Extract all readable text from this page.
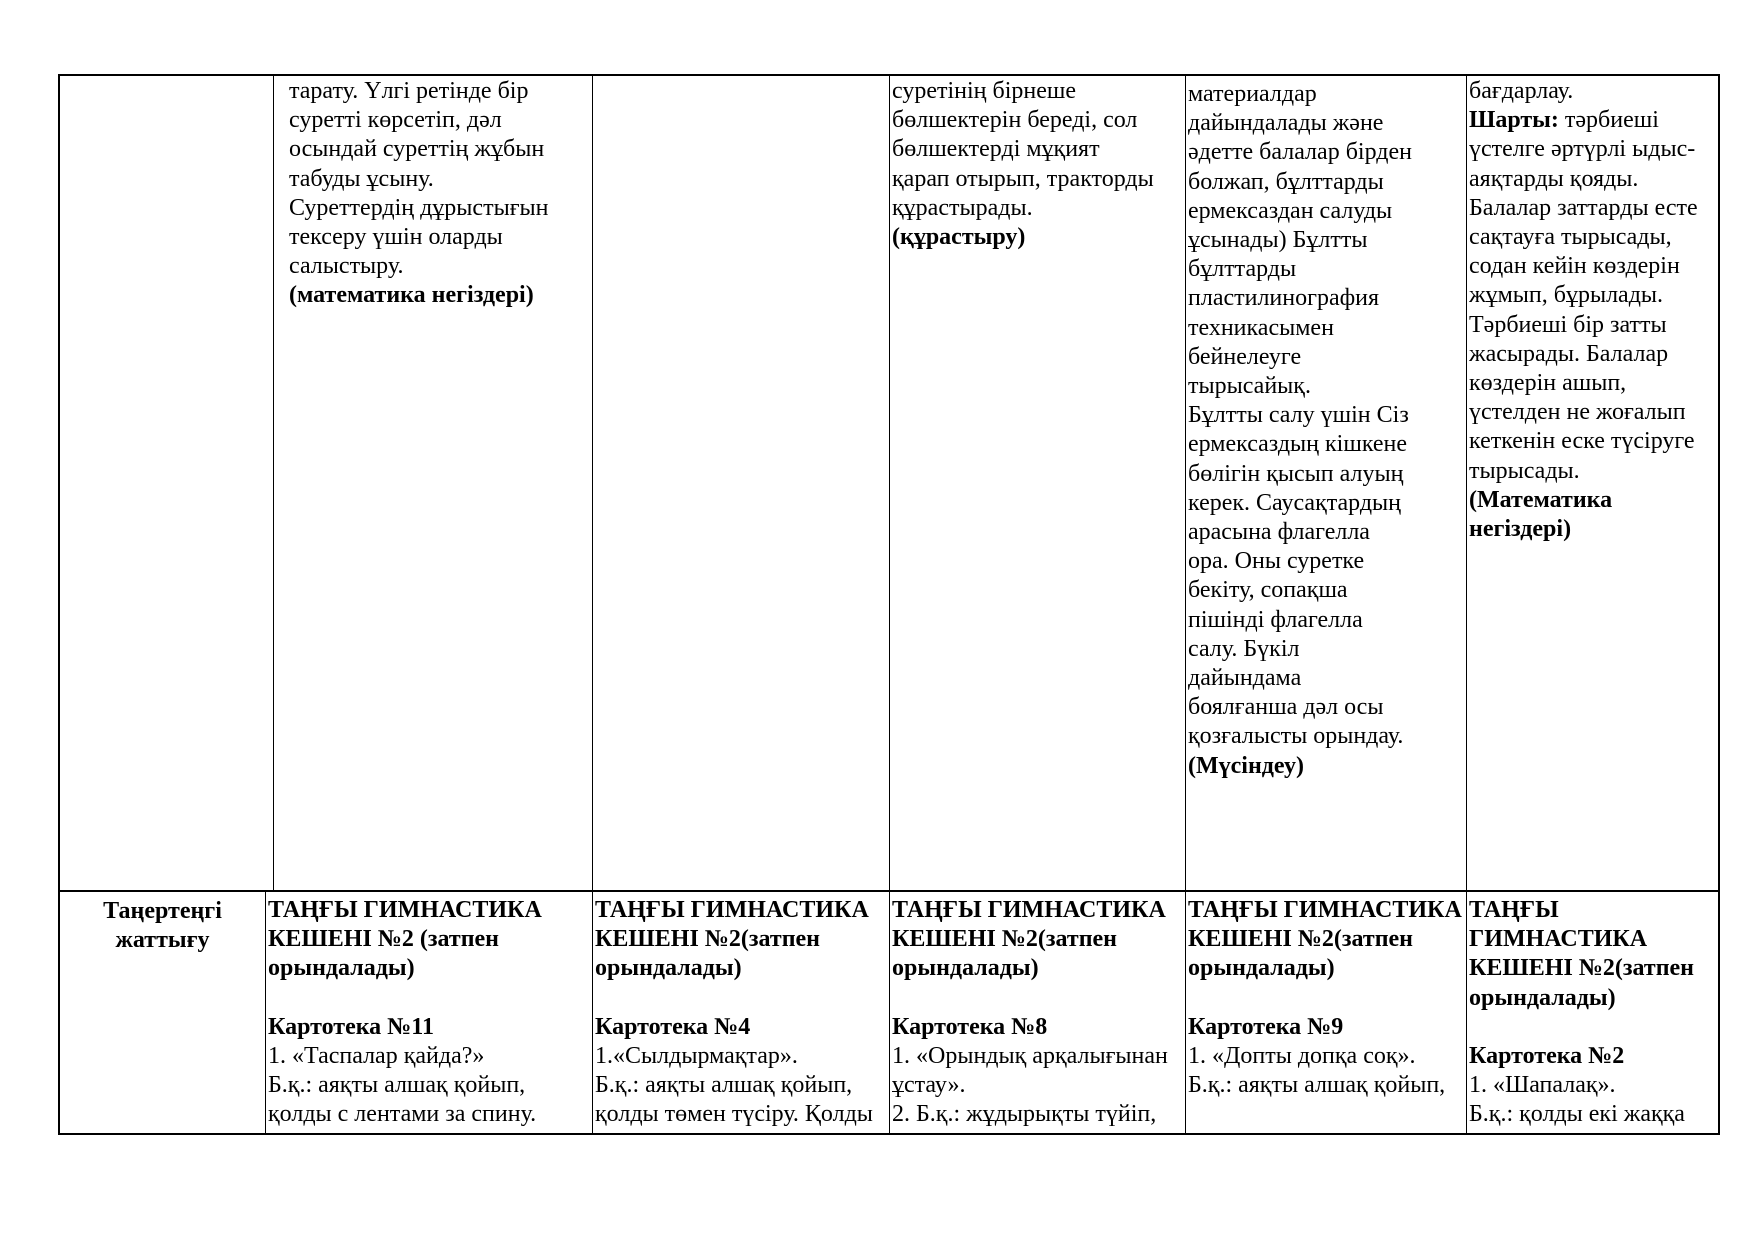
тарату. Үлгі ретінде бір

суретті көрсетіп, дәл

осындай суреттің жұбын

табуды ұсыну.

Суреттердің дұрыстығын

тексеру үшін оларды

салыстыру.

(математика негіздері)

суретінің бірнеше

бөлшектерін береді, сол

бөлшектерді мұқият

қарап отырып, тракторды

құрастырады.

(құрастыру)

материалдар

дайындалады және

әдетте балалар бірден

болжап, бұлттарды

ермексаздан салуды

ұсынады) Бұлтты

бұлттарды

пластилинография

техникасымен

бейнелеуге

тырысайық.

Бұлтты салу үшін Сіз

ермексаздың кішкене

бөлігін қысып алуың

керек. Саусақтардың

арасына флагелла

ора. Оны суретке

бекіту, сопақша

пішінді флагелла

салу. Бүкіл

дайындама

боялғанша дәл осы

қозғалысты орындау.

(Мүсіндеу)

бағдарлау.

Шарты: тәрбиеші

үстелге әртүрлі ыдыс-

аяқтарды қояды.

Балалар заттарды есте

сақтауға тырысады,

содан кейін көздерін

жұмып, бұрылады.

Тәрбиеші бір затты

жасырады. Балалар

көздерін ашып,

үстелден не жоғалып

кеткенін еске түсіруге

тырысады.

(Математика

негіздері)

Таңертеңгі

жаттығу

ТАҢҒЫ ГИМНАСТИКА

КЕШЕНІ №2 (затпен

орындалады)

Картотека №11

1. «Таспалар қайда?»

Б.қ.: аяқты алшақ қойып,

қолды с лентами за спину.

ТАҢҒЫ ГИМНАСТИКА

КЕШЕНІ №2(затпен

орындалады)

Картотека №4

1.«Сылдырмақтар».

Б.қ.: аяқты алшақ қойып,

қолды төмен түсіру. Қолды

ТАҢҒЫ ГИМНАСТИКА

КЕШЕНІ №2(затпен

орындалады)

Картотека №8

1. «Орындық арқалығынан

ұстау».

2. Б.қ.: жұдырықты түйіп,

ТАҢҒЫ ГИМНАСТИКА

КЕШЕНІ №2(затпен

орындалады)

Картотека №9

1. «Допты допқа соқ».

Б.қ.: аяқты алшақ қойып,

ТАҢҒЫ

ГИМНАСТИКА

КЕШЕНІ №2(затпен

орындалады)

Картотека №2

1. «Шапалақ».

Б.қ.: қолды екі жаққа
